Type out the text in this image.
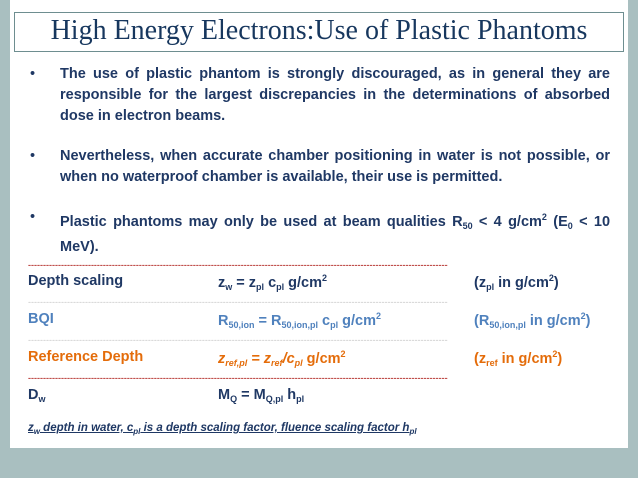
High Energy Electrons:Use of Plastic Phantoms
• The use of plastic phantom is strongly discouraged, as in general they are responsible for the largest discrepancies in the determinations of absorbed dose in electron beams.
• Nevertheless, when accurate chamber positioning in water is not possible, or when no waterproof chamber is available, their use is permitted.
• Plastic phantoms may only be used at beam qualities $R_{50} < 4$ $g/cm^2$ ($E_0 < 10$ MeV).
--------------------------------------------------------------------------------------------------------------------------------------------
Depth scaling	$z_w = z_{pl}$ $c_{pl}$ $g/cm^2$	($z_{pl}$ in $g/cm^2$)
--------------------------------------------------------------------------------------------------------------------------------------------
BQI	$R_{50,ion} = R_{50,ion,pl}$ $c_{pl}$ $g/cm^2$	($R_{50,ion,pl}$ in $g/cm^2$)
--------------------------------------------------------------------------------------------------------------------------------------------
Reference Depth	$z_{ref,pl} = z_{ref}/c_{pl}$ $g/cm^2$	($z_{ref}$ in $g/cm^2$)
--------------------------------------------------------------------------------------------------------------------------------------------
$D_w$	$M_Q = M_{Q,pl}$ $h_{pl}$
$z_w$ depth in water, $c_{pl}$ is a depth scaling factor, fluence scaling factor $h_{pl}$
